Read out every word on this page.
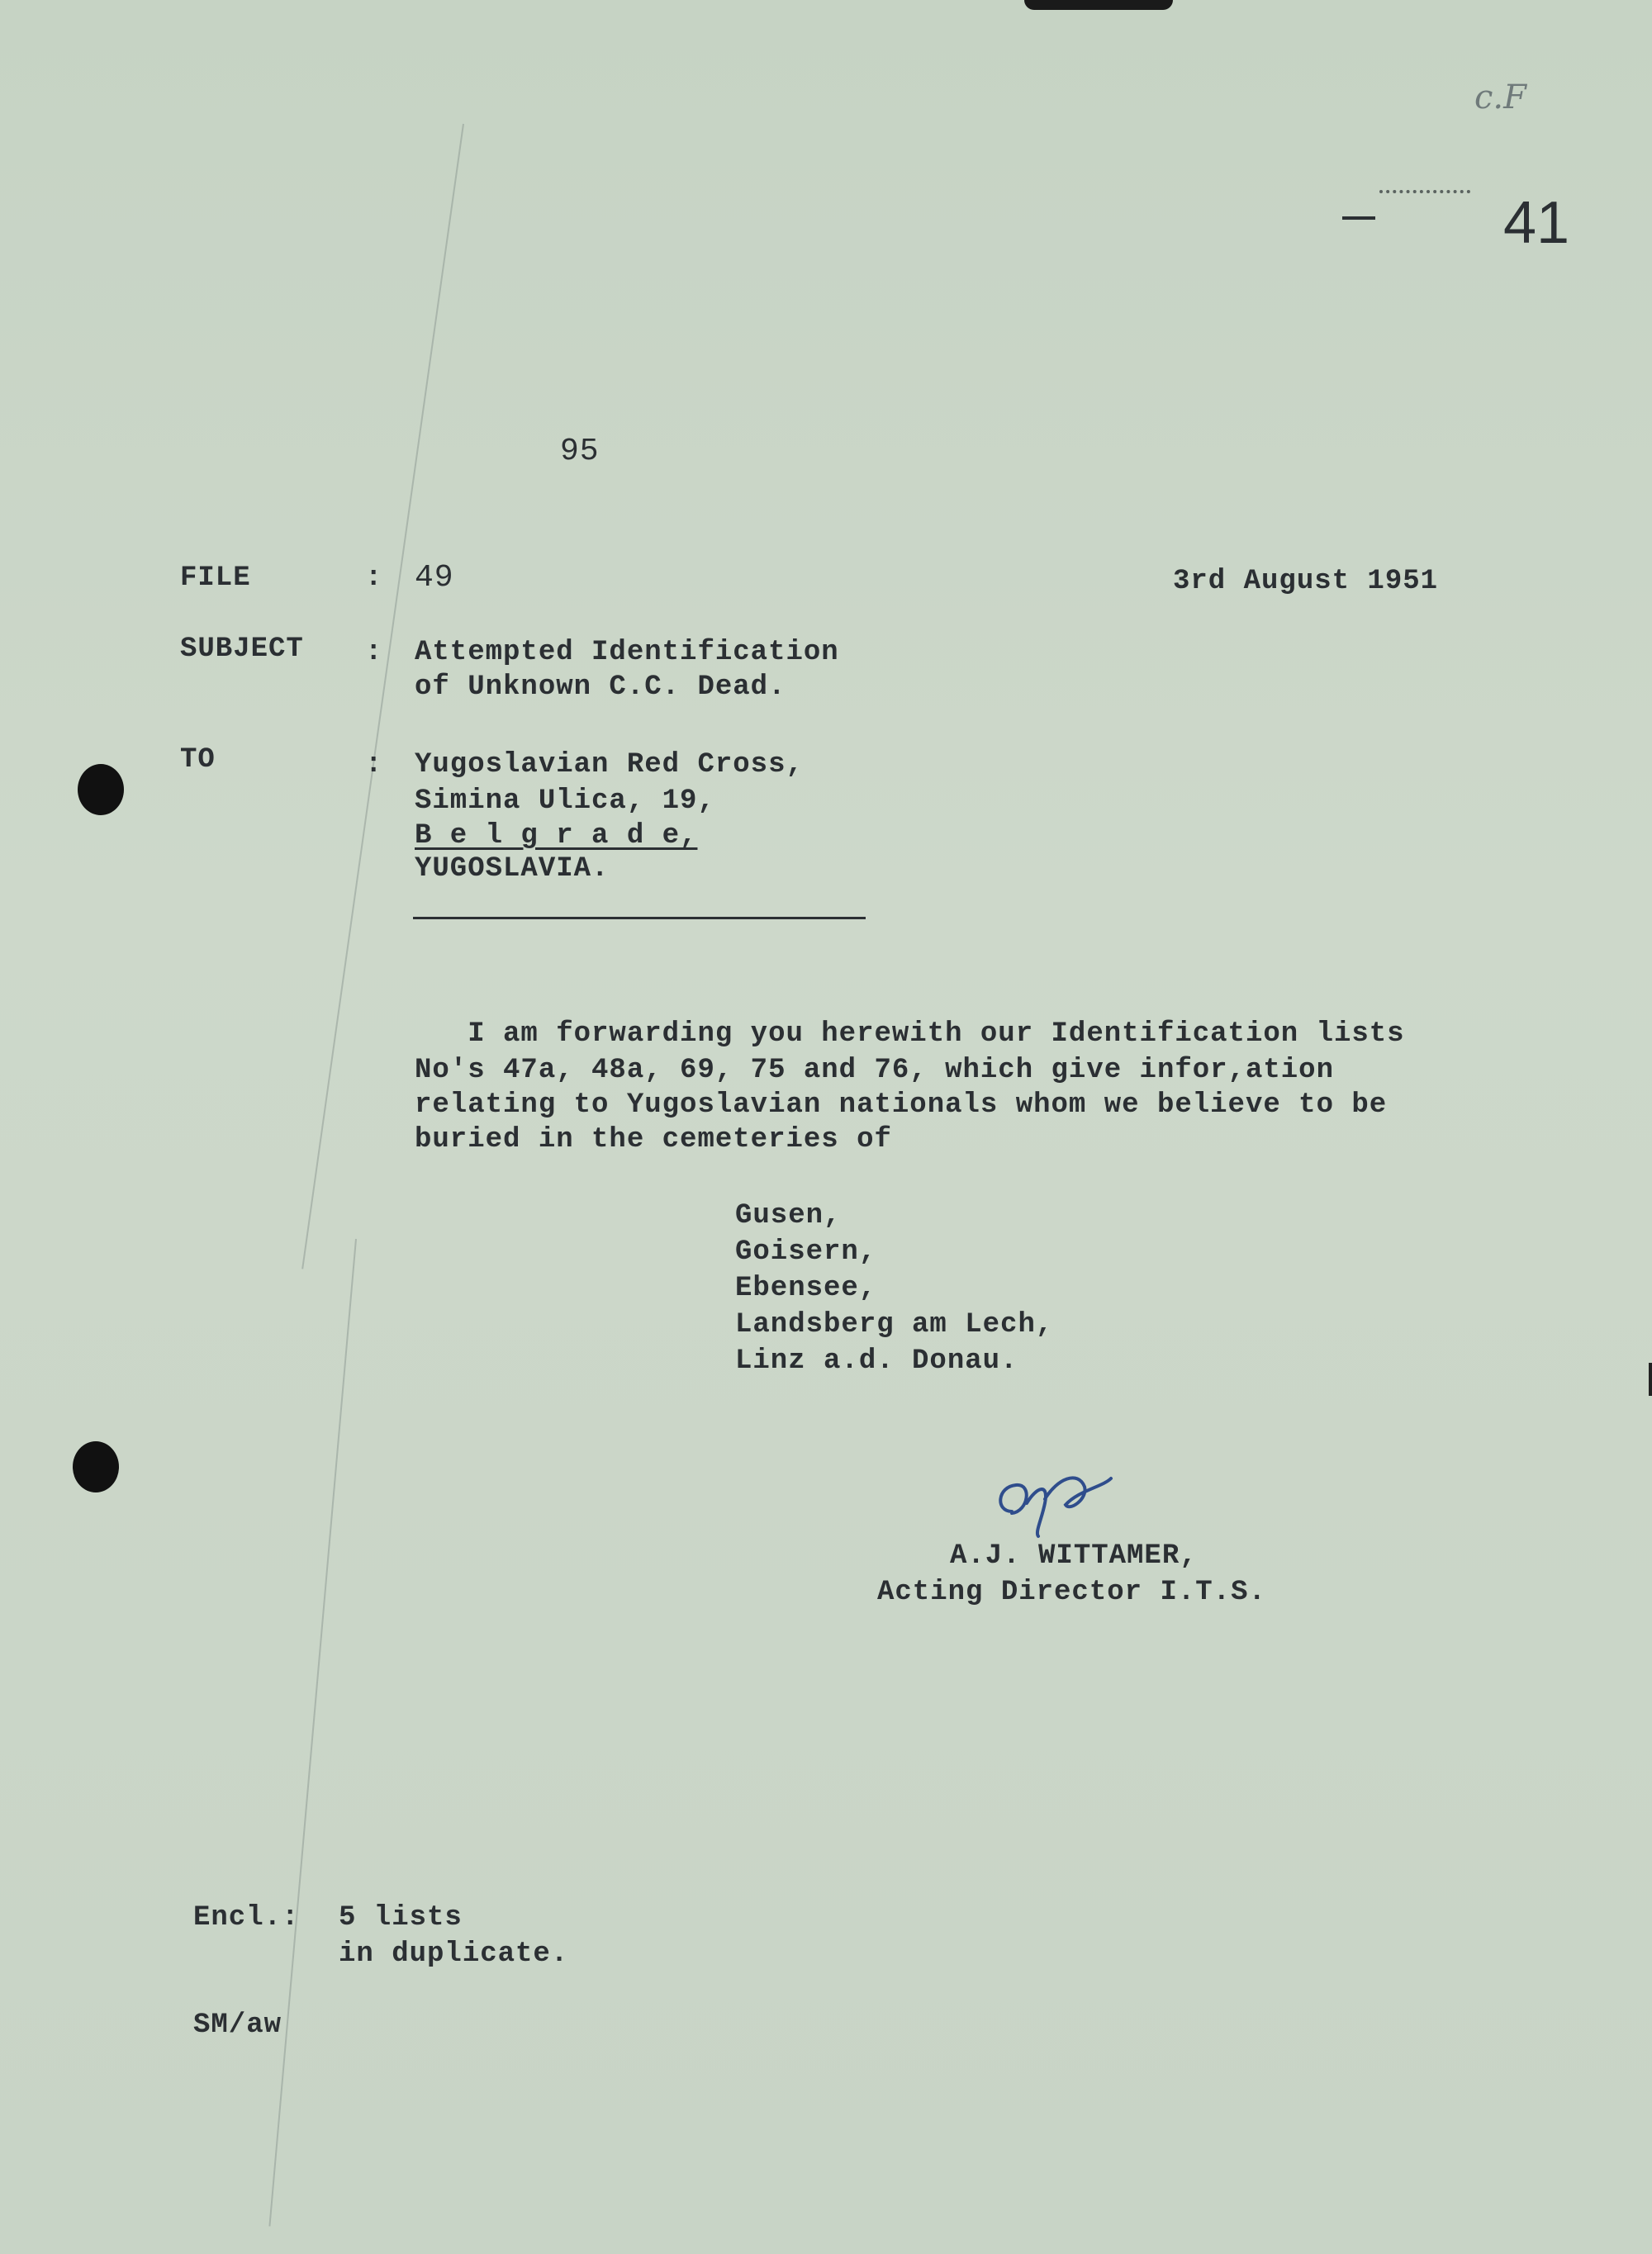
c.F
41
95
FILE	: 49	3rd August 1951
SUBJECT : Attempted Identification
of Unknown C.C. Dead.
TO	: Yugoslavian Red Cross,
Simina Ulica, 19,
B e l g r a d e,
YUGOSLAVIA.
I am forwarding you herewith our Identification lists
No's 47a, 48a, 69, 75 and 76, which give infor,ation
relating to Yugoslavian nationals whom we believe to be
buried in the cemeteries of
Gusen,
Goisern,
Ebensee,
Landsberg am Lech,
Linz a.d. Donau.
A.J. WITTAMER,
Acting Director I.T.S.
Encl.: 5 lists
in duplicate.
SM/aw
